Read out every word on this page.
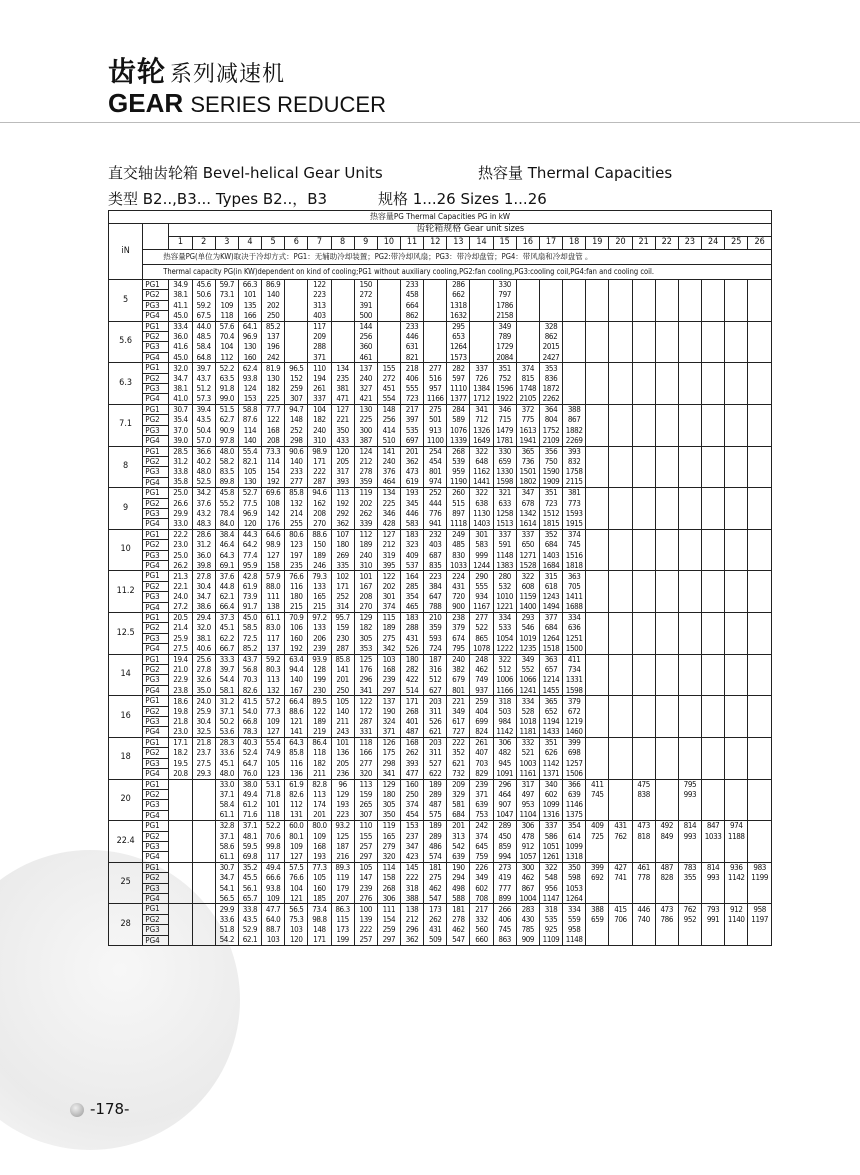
齿轮 系列减速机
GEAR SERIES REDUCER
直交轴齿轮箱 Bevel-helical Gear Units	热容量 Thermal Capacities
类型 B2..,B3... Types B2..，B3	规格 1...26 Sizes 1...26
热容量PG Thermal Capacities PG in kW																											
iN		齿轮箱规格 Gear unit sizes																									
		1	2	3	4	5	6	7	8	9	10	11	12	13	14	15	16	17	18	19	20	21	22	23	24	25	26
	热容量PG(单位为KW)取决于冷却方式：PG1：无辅助冷却装置；PG2:带冷却风扇；PG3：带冷却盘管；PG4：带风扇和冷却盘管 。																										
	Thermal capacity PG(in KW)dependent on kind of cooling;PG1 without auxiliary cooling,PG2:fan cooling,PG3:cooling coil,PG4:fan and cooling coil.																										
5	PG1	34.9	45.6	59.7	66.3	86.9		122		150		233		286		330											
	PG2	38.1	50.6	73.1	101	140		223		272		458		662		797											
	PG3	41.1	59.2	109	135	202		313		391		664		1318		1786											
	PG4	45.0	67.5	118	166	250		403		500		862		1632		2158											
5.6	PG1	33.4	44.0	57.6	64.1	85.2		117		144		233		295		349		328									
	PG2	36.0	48.5	70.4	96.9	137		209		256		446		653		789		862									
	PG3	41.6	58.4	104	130	196		288		360		631		1264		1729		2015									
	PG4	45.0	64.8	112	160	242		371		461		821		1573		2084		2427									
6.3	PG1	32.0	39.7	52.2	62.4	81.9	96.5	110	134	137	155	218	277	282	337	351	374	353									
	PG2	34.7	43.7	63.5	93.8	130	152	194	235	240	272	406	516	597	726	752	815	836									
	PG3	38.1	51.2	91.8	124	182	259	261	381	327	451	555	957	1110	1384	1596	1748	1872									
	PG4	41.0	57.3	99.0	153	225	307	337	471	421	554	723	1166	1377	1712	1922	2105	2262									
7.1	PG1	30.7	39.4	51.5	58.8	77.7	94.7	104	127	130	148	217	275	284	341	346	372	364	388								
	PG2	35.4	43.5	62.7	87.6	122	148	182	221	225	256	397	501	589	712	715	775	804	867								
	PG3	37.0	50.4	90.9	114	168	252	240	350	300	414	535	913	1076	1326	1479	1613	1752	1882								
	PG4	39.0	57.0	97.8	140	208	298	310	433	387	510	697	1100	1339	1649	1781	1941	2109	2269								
8	PG1	28.5	36.6	48.0	55.4	73.3	90.6	98.9	120	124	141	201	254	268	322	330	365	356	393								
	PG2	31.2	40.2	58.2	82.1	114	140	171	205	212	240	362	454	539	648	659	736	750	832								
	PG3	33.8	48.0	83.5	105	154	233	222	317	278	376	473	801	959	1162	1330	1501	1590	1758								
	PG4	35.8	52.5	89.8	130	192	277	287	393	359	464	619	974	1190	1441	1598	1802	1909	2115								
9	PG1	25.0	34.2	45.8	52.7	69.6	85.8	94.6	113	119	134	193	252	260	322	321	347	351	381								
	PG2	26.6	37.6	55.2	77.5	108	132	162	192	202	225	345	444	515	638	633	678	723	773								
	PG3	29.9	43.2	78.4	96.9	142	214	208	292	262	346	446	776	897	1130	1258	1342	1512	1593								
	PG4	33.0	48.3	84.0	120	176	255	270	362	339	428	583	941	1118	1403	1513	1614	1815	1915								
10	PG1	22.2	28.6	38.4	44.3	64.6	80.6	88.6	107	112	127	183	232	249	301	337	337	352	374								
	PG2	23.0	31.2	46.4	64.2	98.9	123	150	180	189	212	323	403	485	583	591	650	684	745								
	PG3	25.0	36.0	64.3	77.4	127	197	189	269	240	319	409	687	830	999	1148	1271	1403	1516								
	PG4	26.2	39.8	69.1	95.9	158	235	246	335	310	395	537	835	1033	1244	1383	1528	1684	1818								
11.2	PG1	21.3	27.8	37.6	42.8	57.9	76.6	79.3	102	101	122	164	223	224	290	280	322	315	363								
	PG2	22.1	30.4	44.8	61.9	88.0	116	133	171	167	202	285	384	431	555	532	608	618	705								
	PG3	24.0	34.7	62.1	73.9	111	180	165	252	208	301	354	647	720	934	1010	1159	1243	1411								
	PG4	27.2	38.6	66.4	91.7	138	215	215	314	270	374	465	788	900	1167	1221	1400	1494	1688								
12.5	PG1	20.5	29.4	37.3	45.0	61.1	70.9	97.2	95.7	129	115	183	210	238	277	334	293	377	334								
	PG2	21.4	32.0	45.1	58.5	83.0	106	133	159	182	189	288	359	379	522	533	546	684	636								
	PG3	25.9	38.1	62.2	72.5	117	160	206	230	305	275	431	593	674	865	1054	1019	1264	1251								
	PG4	27.5	40.6	66.7	85.2	137	192	239	287	353	342	526	724	795	1078	1222	1235	1518	1500								
14	PG1	19.4	25.6	33.3	43.7	59.2	63.4	93.9	85.8	125	103	180	187	240	248	322	349	363	411								
	PG2	21.0	27.8	39.7	56.8	80.3	94.4	128	141	176	168	282	316	382	462	512	552	657	734								
	PG3	22.9	32.6	54.4	70.3	113	140	199	201	296	239	422	512	679	749	1006	1066	1214	1331								
	PG4	23.8	35.0	58.1	82.6	132	167	230	250	341	297	514	627	801	937	1166	1241	1455	1598								
16	PG1	18.6	24.0	31.2	41.5	57.2	66.4	89.5	105	122	137	171	203	221	259	318	334	365	379								
	PG2	19.8	25.9	37.1	54.0	77.3	88.6	122	140	172	190	268	311	349	404	503	528	652	672								
	PG3	21.8	30.4	50.2	66.8	109	121	189	211	287	324	401	526	617	699	984	1018	1194	1219								
	PG4	23.0	32.5	53.6	78.3	127	141	219	243	331	371	487	621	727	824	1142	1181	1433	1460								
18	PG1	17.1	21.8	28.3	40.3	55.4	64.3	86.4	101	118	126	168	203	222	261	306	332	351	399								
	PG2	18.2	23.7	33.6	52.4	74.9	85.8	118	136	166	175	262	311	352	407	482	521	626	698								
	PG3	19.5	27.5	45.1	64.7	105	116	182	205	277	298	393	527	621	703	945	1003	1142	1257								
	PG4	20.8	29.3	48.0	76.0	123	136	211	236	320	341	477	622	732	829	1091	1161	1371	1506								
20	PG1			33.0	38.0	53.1	61.9	82.8	96	113	129	160	189	209	239	296	317	340	366	411		475		795			
	PG2			37.1	49.4	71.8	82.6	113	129	159	180	250	289	329	371	464	497	602	639	745		838		993			
	PG3			58.4	61.2	101	112	174	193	265	305	374	487	581	639	907	953	1099	1146								
	PG4			61.1	71.6	118	131	201	223	307	350	454	575	684	753	1047	1104	1316	1375								
22.4	PG1			32.8	37.1	52.2	60.0	80.0	93.2	110	119	153	189	201	242	289	306	337	354	409	431	473	492	814	847	974	
	PG2			37.1	48.1	70.6	80.1	109	125	155	165	237	289	313	374	450	478	586	614	725	762	818	849	993	1033	1188	
	PG3			58.6	59.5	99.8	109	168	187	257	279	347	486	542	645	859	912	1051	1099								
	PG4			61.1	69.8	117	127	193	216	297	320	423	574	639	759	994	1057	1261	1318								
25	PG1			30.7	35.2	49.4	57.5	77.3	89.3	105	114	145	181	190	226	273	300	322	350	399	427	461	487	783	814	936	983
	PG2			34.7	45.5	66.6	76.6	105	119	147	158	222	275	294	349	419	462	548	598	692	741	778	828	355	993	1142	1199
	PG3			54.1	56.1	93.8	104	160	179	239	268	318	462	498	602	777	867	956	1053								
	PG4			56.5	65.7	109	121	185	207	276	306	388	547	588	708	899	1004	1147	1264								
28	PG1			29.9	33.8	47.7	56.5	73.4	86.3	100	111	138	173	181	217	266	283	318	334	388	415	446	473	762	793	912	958
	PG2			33.6	43.5	64.0	75.3	98.8	115	139	154	212	262	278	332	406	430	535	559	659	706	740	786	952	991	1140	1197
	PG3			51.8	52.9	88.7	103	148	173	222	259	296	431	462	560	745	785	925	958								
	PG4			54.2	62.1	103	120	171	199	257	297	362	509	547	660	863	909	1109	1148								
-178-
